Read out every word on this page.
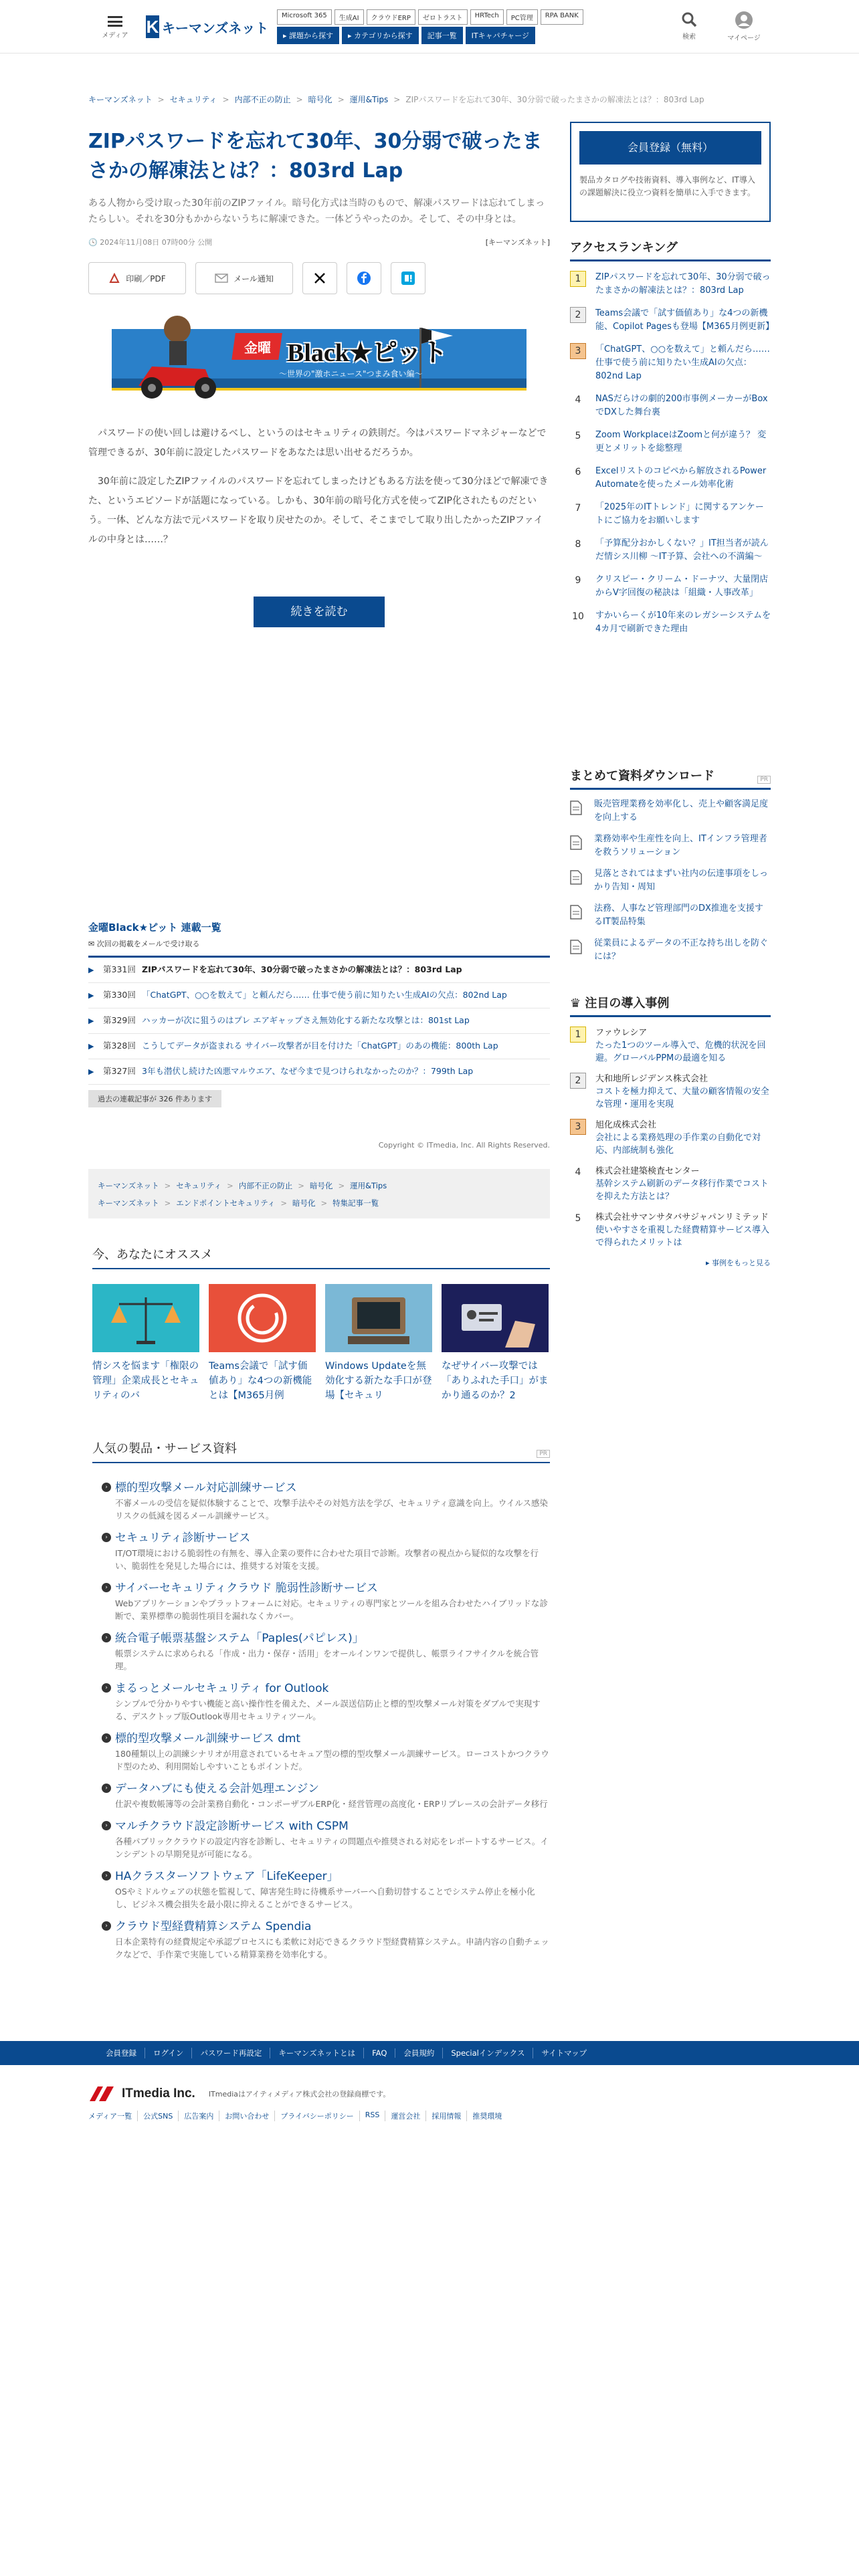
メディア K キーマンズネット
Microsoft 365	生成AI	クラウドERP	ゼロトラスト	HRTech	PC管理	RPA BANK
▸ 課題から探す	▸ カテゴリから探す	記事一覧	ITキャパチャージ	検索	マイページ
キーマンズネット > セキュリティ > 内部不正の防止 > 暗号化 > 運用&Tips > ZIPパスワードを忘れて30年、30分弱で破ったまさかの解凍法とは？：803rd Lap
ZIPパスワードを忘れて30年、30分弱で破ったまさかの解凍法とは？：803rd Lap

ある人物から受け取った30年前のZIPファイル。暗号化方式は当時のもので、解凍パスワードは忘れてしまったらしい。それを30分もかからないうちに解凍できた。一体どうやったのか。そして、その中身とは。

🕓 2024年11月08日 07時00分 公開	[キーマンズネット]
印刷／PDF	メール通知
金曜 Black★ピット
〜世界の"激ホニュース"つまみ食い編〜

パスワードの使い回しは避けるべし、というのはセキュリティの鉄則だ。今はパスワードマネジャーなどで管理できるが、30年前に設定したパスワードをあなたは思い出せるだろうか。

30年前に設定したZIPファイルのパスワードを忘れてしまったけどもある方法を使って30分ほどで解凍できた、というエピソードが話題になっている。しかも、30年前の暗号化方式を使ってZIP化されたものだという。一体、どんな方法で元パスワードを取り戻せたのか。そして、そこまでして取り出したかったZIPファイルの中身とは……？

続きを読む
金曜Black★ピット 連載一覧
✉ 次回の掲載をメールで受け取る
▶	第331回 ZIPパスワードを忘れて30年、30分弱で破ったまさかの解凍法とは？：803rd Lap
▶	第330回 「ChatGPT、○○を数えて」と頼んだら…… 仕事で使う前に知りたい生成AIの欠点：802nd Lap
▶	第329回 ハッカーが次に狙うのはプレ エアギャップさえ無効化する新たな攻撃とは：801st Lap
▶	第328回 こうしてデータが盗まれる サイバー攻撃者が目を付けた「ChatGPT」のあの機能：800th Lap
▶	第327回 3年も潜伏し続けた凶悪マルウエア、なぜ今まで見つけられなかったのか？：799th Lap
過去の連載記事が 326 件あります
Copyright © ITmedia, Inc. All Rights Reserved.
キーマンズネット > セキュリティ > 内部不正の防止 > 暗号化 > 運用&Tips
キーマンズネット > エンドポイントセキュリティ > 暗号化 > 特集記事一覧
今、あなたにオススメ
情シスを悩ます「権限の管理」企業成長とセキュリティのバ
Teams会議で「試す価値あり」な4つの新機能とは【M365月例
Windows Updateを無効化する新たな手口が登場【セキュリ
なぜサイバー攻撃では「ありふれた手口」がまかり通るのか？2
人気の製品・サービス資料	PR
› 標的型攻撃メール対応訓練サービス
不審メールの受信を疑似体験することで、攻撃手法やその対処方法を学び、セキュリティ意識を向上。ウイルス感染リスクの低減を図るメール訓練サービス。
› セキュリティ診断サービス
IT/OT環境における脆弱性の有無を、導入企業の要件に合わせた項目で診断。攻撃者の視点から疑似的な攻撃を行い、脆弱性を発見した場合には、推奨する対策を支援。
› サイバーセキュリティクラウド 脆弱性診断サービス
Webアプリケーションやプラットフォームに対応。セキュリティの専門家とツールを組み合わせたハイブリッドな診断で、業界標準の脆弱性項目を漏れなくカバー。
› 統合電子帳票基盤システム「Paples(パピレス)」
帳票システムに求められる「作成・出力・保存・活用」をオールインワンで提供し、帳票ライフサイクルを統合管理。
› まるっとメールセキュリティ for Outlook
シンプルで分かりやすい機能と高い操作性を備えた、メール誤送信防止と標的型攻撃メール対策をダブルで実現する、デスクトップ版Outlook専用セキュリティツール。
› 標的型攻撃メール訓練サービス dmt
180種類以上の訓練シナリオが用意されているセキュア型の標的型攻撃メール訓練サービス。ローコストかつクラウド型のため、利用開始しやすいこともポイントだ。
› データハブにも使える会計処理エンジン
仕訳や複数帳簿等の会計業務自動化・コンポーザブルERP化・経営管理の高度化・ERPリプレースの会計データ移行
› マルチクラウド設定診断サービス with CSPM
各種パブリッククラウドの設定内容を診断し、セキュリティの問題点や推奨される対応をレポートするサービス。インシデントの早期発見が可能になる。
› HAクラスターソフトウェア「LifeKeeper」
OSやミドルウェアの状態を監視して、障害発生時に待機系サーバーへ自動切替することでシステム停止を極小化し、ビジネス機会損失を最小限に抑えることができるサービス。
› クラウド型経費精算システム Spendia
日本企業特有の経費規定や承認プロセスにも柔軟に対応できるクラウド型経費精算システム。申請内容の自動チェックなどで、手作業で実施している精算業務を効率化する。
会員登録（無料）

製品カタログや技術資料、導入事例など、IT導入の課題解決に役立つ資料を簡単に入手できます。

アクセスランキング
1	ZIPパスワードを忘れて30年、30分弱で破ったまさかの解凍法とは？：803rd Lap
2	Teams会議で「試す価値あり」な4つの新機能、Copilot Pagesも登場【M365月例更新】
3	「ChatGPT、○○を数えて」と頼んだら…… 仕事で使う前に知りたい生成AIの欠点：802nd Lap
4	NASだらけの劇的200市事例メーカーがBoxでDXした舞台裏
5	Zoom WorkplaceはZoomと何が違う？ 変更とメリットを総整理
6	Excelリストのコピペから解放されるPower Automateを使ったメール効率化術
7	「2025年のITトレンド」に関するアンケートにご協力をお願いします
8	「予算配分おかしくない？」IT担当者が読んだ情シス川柳 〜IT予算、会社への不満編〜
9	クリスピー・クリーム・ドーナツ、大量閉店からV字回復の秘訣は「組織・人事改革」
10 すかいらーくが10年来のレガシーシステムを4カ月で刷新できた理由
まとめて資料ダウンロード	PR
販売管理業務を効率化し、売上や顧客満足度を向上する
業務効率や生産性を向上、ITインフラ管理者を救うソリューション
見落とされてはまずい社内の伝達事項をしっかり告知・周知
法務、人事など管理部門のDX推進を支援するIT製品特集
従業員によるデータの不正な持ち出しを防ぐには？
♛ 注目の導入事例
1	ファウレシア
たった1つのツール導入で、危機的状況を回避。グローバルPPMの最適を知る
2	大和地所レジデンス株式会社
コストを極力抑えて、大量の顧客情報の安全な管理・運用を実現
3	旭化成株式会社
会社による業務処理の手作業の自動化で対応、内部統制も強化
4	株式会社建築検査センター
基幹システム刷新のデータ移行作業でコストを抑えた方法とは？
5	株式会社サマンサタバサジャパンリミテッド
使いやすさを重視した経費精算サービス導入で得られたメリットは
▸ 事例をもっと見る
会員登録	ログイン	パスワード再設定	キーマンズネットとは	FAQ	会員規約	Specialインデックス	サイトマップ
ITmedia Inc. ITmediaはアイティメディア株式会社の登録商標です。
メディア一覧	公式SNS	広告案内	お問い合わせ	プライバシーポリシー	RSS	運営会社	採用情報	推奨環境
